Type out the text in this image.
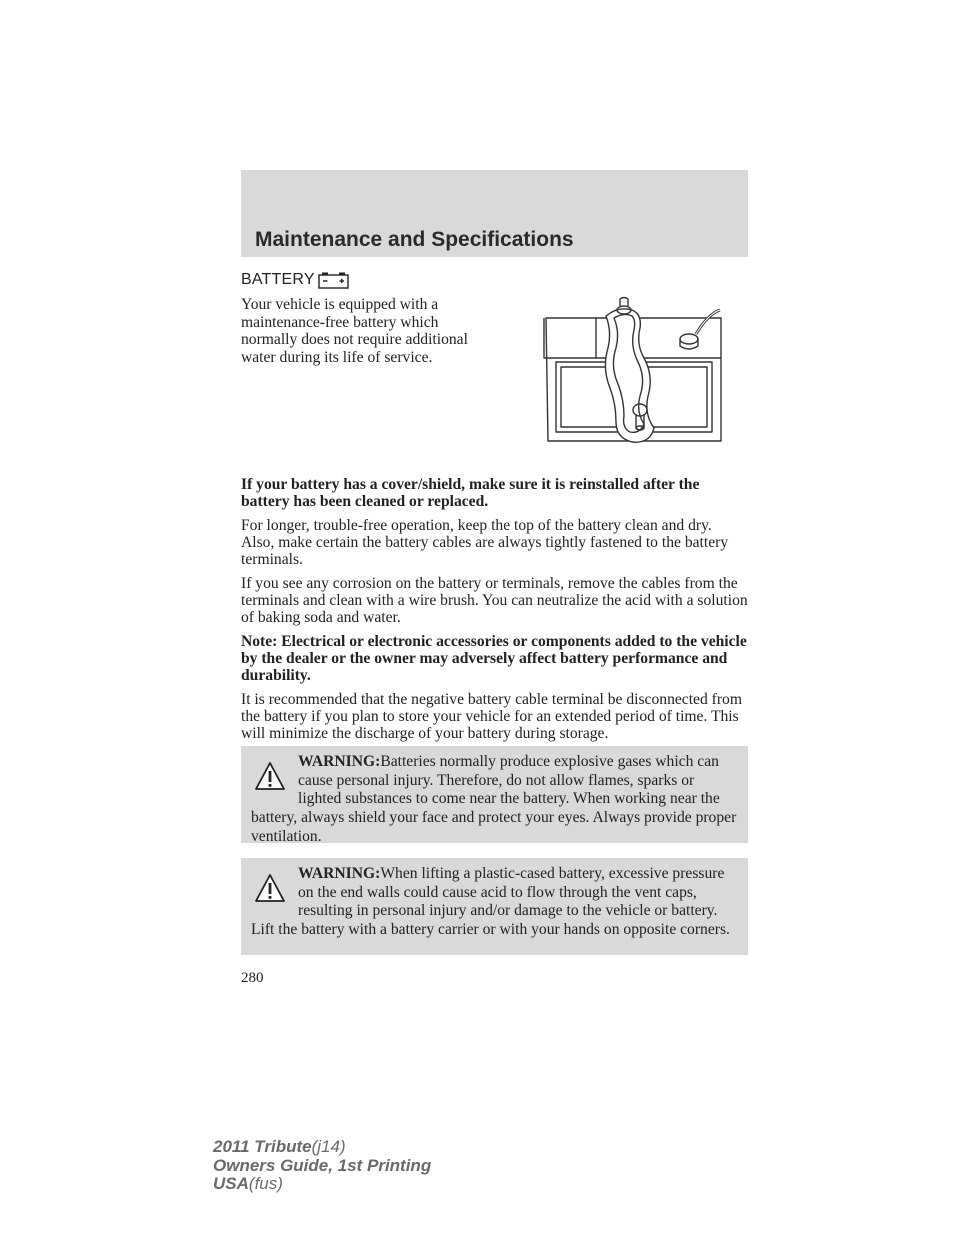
Maintenance and Specifications
BATTERY
Your vehicle is equipped with a maintenance-free battery which normally does not require additional water during its life of service.

If your battery has a cover/shield, make sure it is reinstalled after the battery has been cleaned or replaced.

For longer, trouble-free operation, keep the top of the battery clean and dry. Also, make certain the battery cables are always tightly fastened to the battery terminals.

If you see any corrosion on the battery or terminals, remove the cables from the terminals and clean with a wire brush. You can neutralize the acid with a solution of baking soda and water.

Note: Electrical or electronic accessories or components added to the vehicle by the dealer or the owner may adversely affect battery performance and durability.

It is recommended that the negative battery cable terminal be disconnected from the battery if you plan to store your vehicle for an extended period of time. This will minimize the discharge of your battery during storage.

WARNING:Batteries normally produce explosive gases which can cause personal injury. Therefore, do not allow flames, sparks or lighted substances to come near the battery. When working near the battery, always shield your face and protect your eyes. Always provide proper ventilation.
WARNING:When lifting a plastic-cased battery, excessive pressure on the end walls could cause acid to flow through the vent caps, resulting in personal injury and/or damage to the vehicle or battery. Lift the battery with a battery carrier or with your hands on opposite corners.
280
2011 Tribute(j14)
Owners Guide, 1st Printing
USA(fus)
